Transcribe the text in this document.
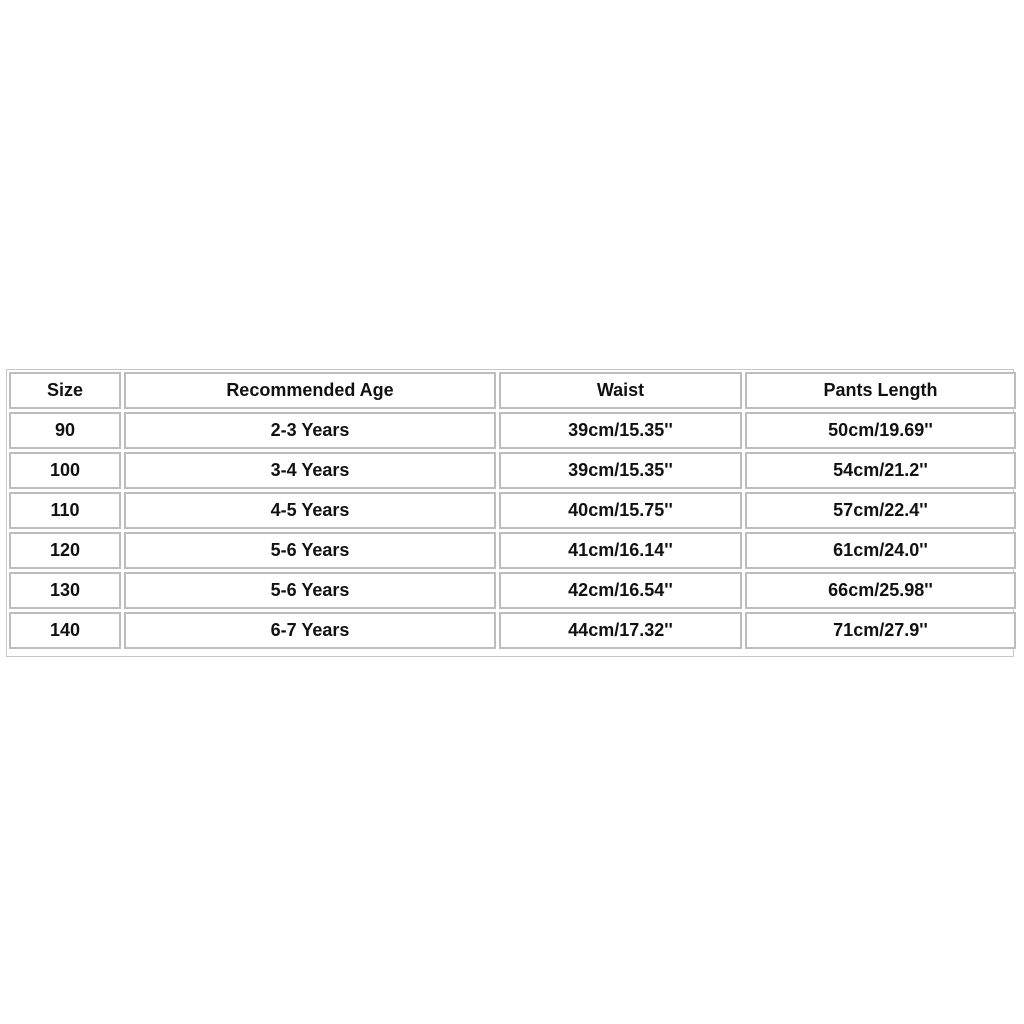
Size	Recommended Age	Waist	Pants Length
90	2-3 Years	39cm/15.35''	50cm/19.69''
100	3-4 Years	39cm/15.35''	54cm/21.2''
110	4-5 Years	40cm/15.75''	57cm/22.4''
120	5-6 Years	41cm/16.14''	61cm/24.0''
130	5-6 Years	42cm/16.54''	66cm/25.98''
140	6-7 Years	44cm/17.32''	71cm/27.9''
